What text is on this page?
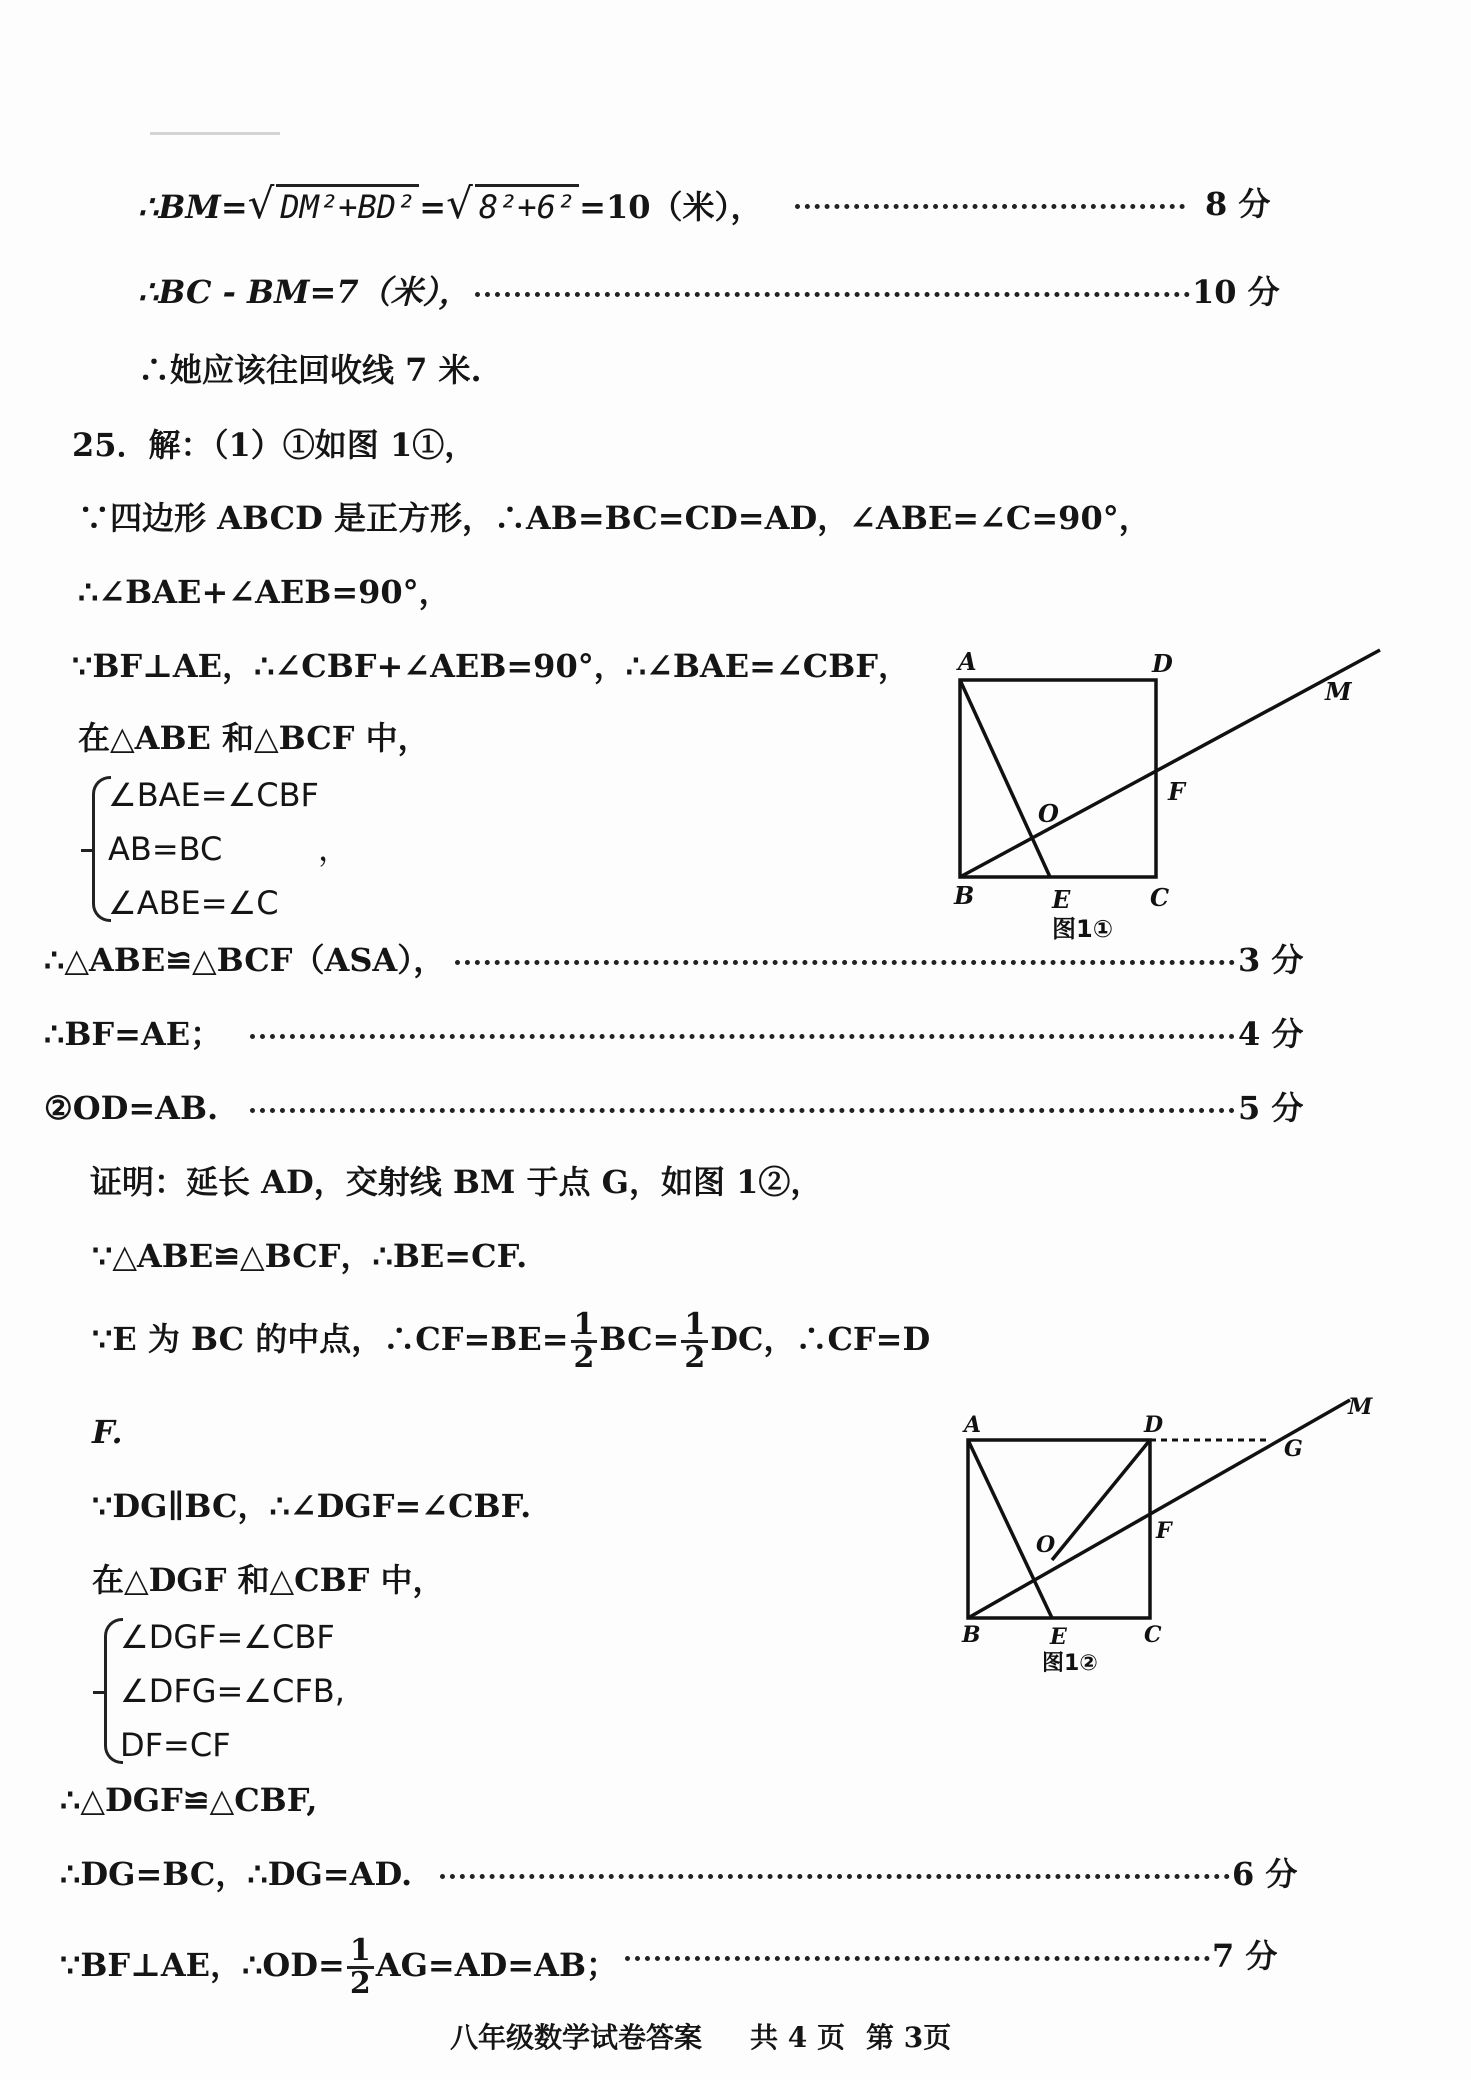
∴BM=√ DM²+BD² =√ 8²+6² =10（米），	8 分
∴BC - BM=7（米），	10 分
∴她应该往回收线 7 米.
25．解：（1）①如图 1①，
∵四边形 ABCD 是正方形，∴AB=BC=CD=AD，∠ABE=∠C=90°，
∴∠BAE+∠AEB=90°，
∵BF⊥AE，∴∠CBF+∠AEB=90°，∴∠BAE=∠CBF，
在△ABE 和△BCF 中，
∠BAE=∠CBF
AB=BC	，
∠ABE=∠C
A	D
M
O
F
B	E	C
图1①
∴△ABE≌△BCF（ASA），	3 分
∴BF=AE；	4 分
②OD=AB.	5 分
证明：延长 AD，交射线 BM 于点 G，如图 1②，
∵△ABE≌△BCF，∴BE=CF.
∵E 为 BC 的中点，∴CF=BE= $\frac{1}{2} BC= \frac{1}{2}$ DC，∴CF=D
F.
∵DG∥BC，∴∠DGF=∠CBF.
在△DGF 和△CBF 中，
∠DGF=∠CBF
∠DFG=∠CFB,
DF=CF
A	D
M
G
O
F
B	E	C
图1②
∴△DGF≌△CBF,
∴DG=BC，∴DG=AD.	6 分
∵BF⊥AE，∴OD= $\frac{1}{2} AG=AD=AB$；	7 分
八年级数学试卷答案 共 4 页 第 3页
